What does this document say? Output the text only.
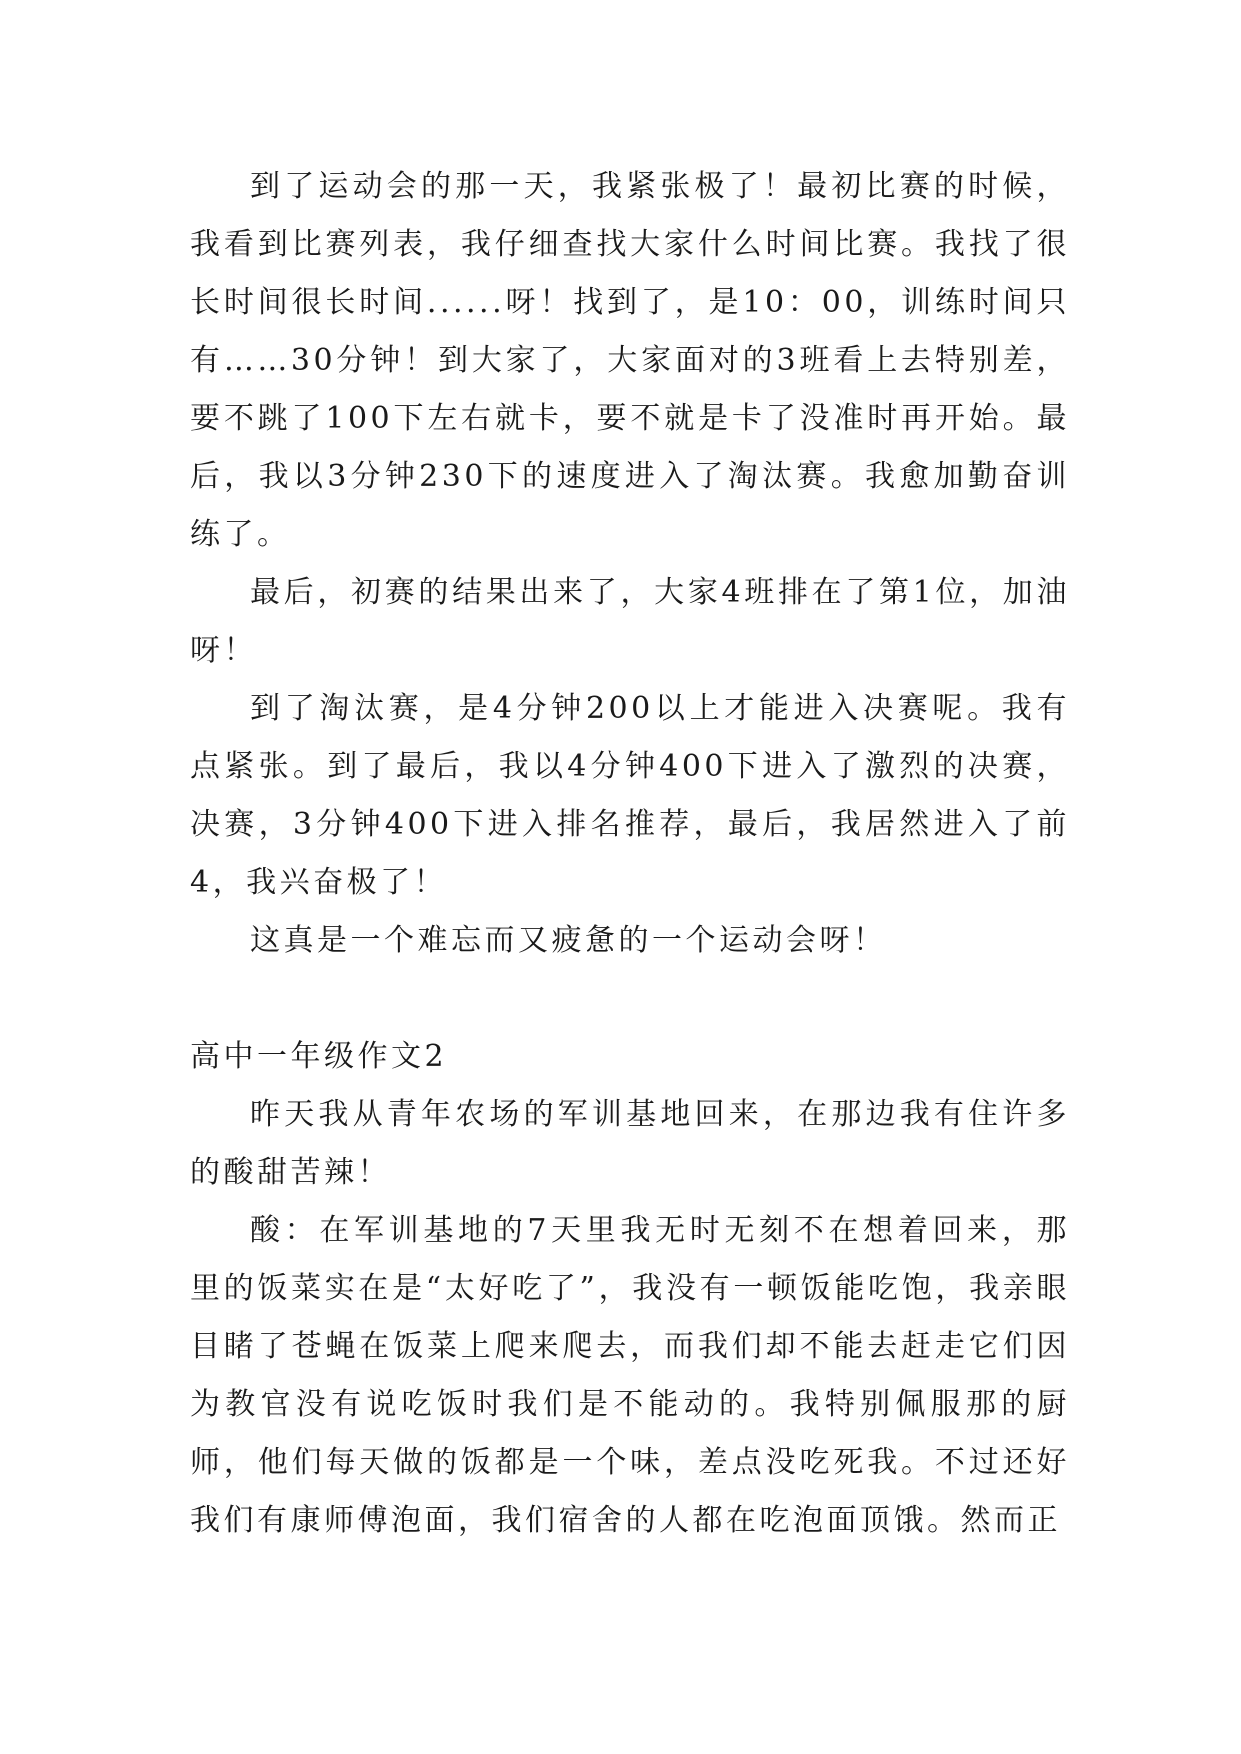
到了运动会的那一天，我紧张极了！最初比赛的时候，我看到比赛列表，我仔细查找大家什么时间比赛。我找了很长时间很长时间......呀！找到了，是10：00，训练时间只有……30分钟！到大家了，大家面对的3班看上去特别差，要不跳了100下左右就卡，要不就是卡了没准时再开始。最后，我以3分钟230下的速度进入了淘汰赛。我愈加勤奋训练了。

最后，初赛的结果出来了，大家4班排在了第1位，加油呀！

到了淘汰赛，是4分钟200以上才能进入决赛呢。我有点紧张。到了最后，我以4分钟400下进入了激烈的决赛，决赛，3分钟400下进入排名推荐，最后，我居然进入了前4，我兴奋极了！

这真是一个难忘而又疲惫的一个运动会呀！

高中一年级作文2

昨天我从青年农场的军训基地回来，在那边我有住许多的酸甜苦辣！

酸：在军训基地的7天里我无时无刻不在想着回来，那里的饭菜实在是“太好吃了”，我没有一顿饭能吃饱，我亲眼目睹了苍蝇在饭菜上爬来爬去，而我们却不能去赶走它们因为教官没有说吃饭时我们是不能动的。我特别佩服那的厨师，他们每天做的饭都是一个味，差点没吃死我。不过还好我们有康师傅泡面，我们宿舍的人都在吃泡面顶饿。然而正
